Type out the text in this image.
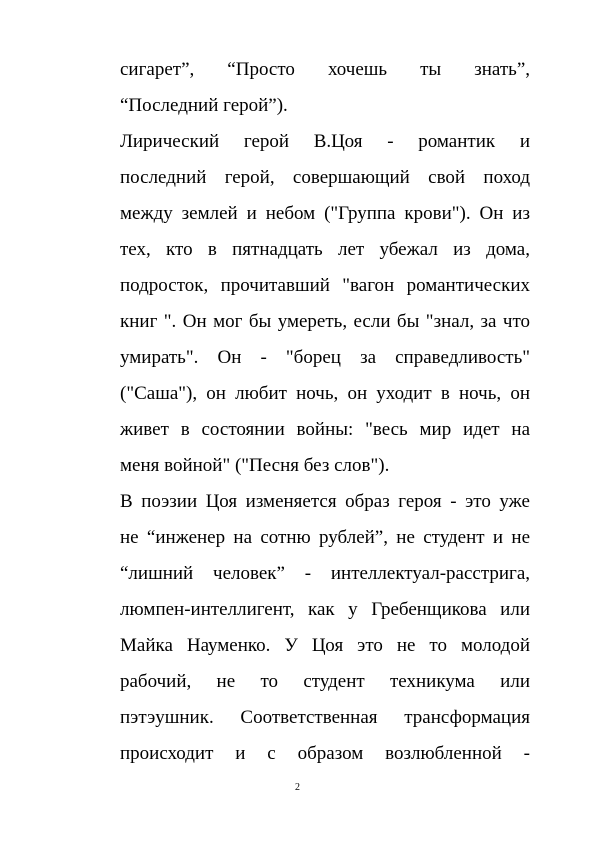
сигарет”, “Просто хочешь ты знать”,
“Последний герой”).
Лирический герой В.Цоя - романтик и
последний герой, совершающий свой поход
между землей и небом ("Группа крови"). Он из
тех, кто в пятнадцать лет убежал из дома,
подросток, прочитавший "вагон романтических
книг ". Он мог бы умереть, если бы "знал, за что
умирать". Он - "борец за справедливость"
("Саша"), он любит ночь, он уходит в ночь, он
живет в состоянии войны: "весь мир идет на
меня войной" ("Песня без слов").
В поэзии Цоя изменяется образ героя - это уже
не “инженер на сотню рублей”, не студент и не
“лишний человек” - интеллектуал-расстрига,
люмпен-интеллигент, как у Гребенщикова или
Майка Науменко. У Цоя это не то молодой
рабочий, не то студент техникума или
пэтэушник. Соответственная трансформация
происходит и с образом возлюбленной -
2
